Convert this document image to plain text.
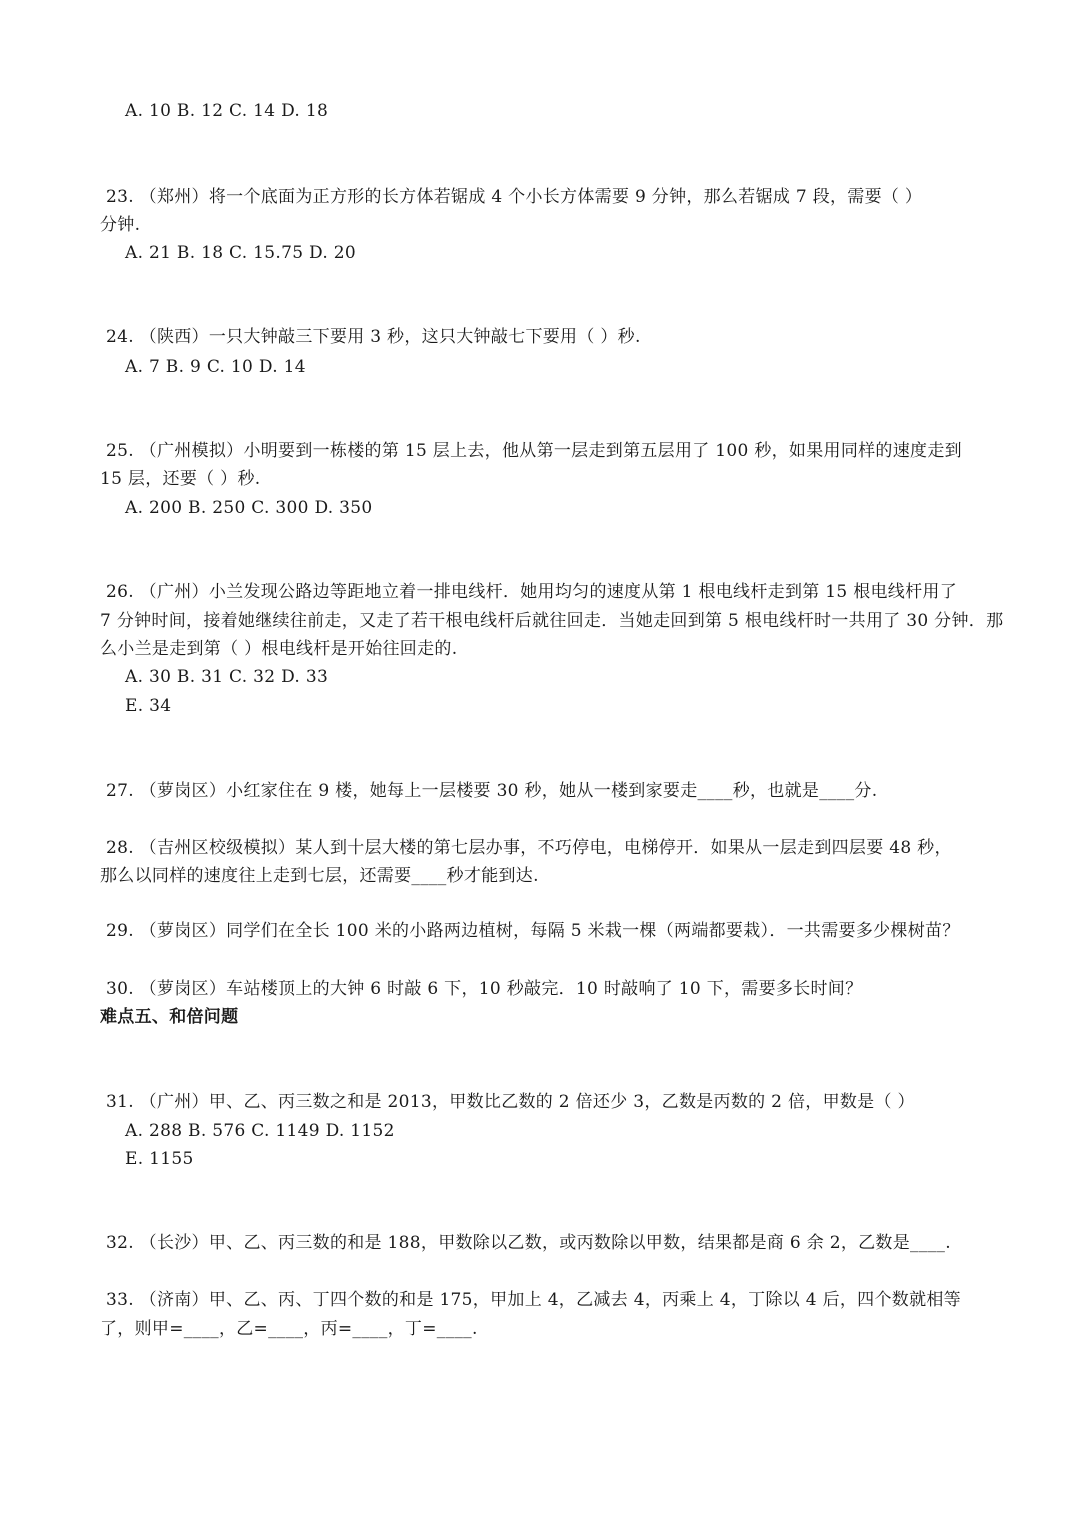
A. 10 B. 12 C. 14 D. 18
23. （郑州）将一个底面为正方形的长方体若锯成 4 个小长方体需要 9 分钟，那么若锯成 7 段，需要（ ）
分钟.
A. 21 B. 18 C. 15.75 D. 20
24. （陕西）一只大钟敲三下要用 3 秒，这只大钟敲七下要用（ ）秒.
A. 7 B. 9 C. 10 D. 14
25. （广州模拟）小明要到一栋楼的第 15 层上去，他从第一层走到第五层用了 100 秒，如果用同样的速度走到
15 层，还要（ ）秒.
A. 200 B. 250 C. 300 D. 350
26. （广州）小兰发现公路边等距地立着一排电线杆．她用均匀的速度从第 1 根电线杆走到第 15 根电线杆用了
7 分钟时间，接着她继续往前走，又走了若干根电线杆后就往回走．当她走回到第 5 根电线杆时一共用了 30 分钟．那
么小兰是走到第（ ）根电线杆是开始往回走的.
A. 30 B. 31 C. 32 D. 33
E. 34
27. （萝岗区）小红家住在 9 楼，她每上一层楼要 30 秒，她从一楼到家要走____秒，也就是____分.
28. （吉州区校级模拟）某人到十层大楼的第七层办事，不巧停电，电梯停开．如果从一层走到四层要 48 秒，
那么以同样的速度往上走到七层，还需要____秒才能到达.
29. （萝岗区）同学们在全长 100 米的小路两边植树，每隔 5 米栽一棵（两端都要栽）．一共需要多少棵树苗？
30. （萝岗区）车站楼顶上的大钟 6 时敲 6 下，10 秒敲完．10 时敲响了 10 下，需要多长时间？
难点五、和倍问题
31. （广州）甲、乙、丙三数之和是 2013，甲数比乙数的 2 倍还少 3，乙数是丙数的 2 倍，甲数是（ ）
A. 288 B. 576 C. 1149 D. 1152
E. 1155
32. （长沙）甲、乙、丙三数的和是 188，甲数除以乙数，或丙数除以甲数，结果都是商 6 余 2，乙数是____.
33. （济南）甲、乙、丙、丁四个数的和是 175，甲加上 4，乙减去 4，丙乘上 4，丁除以 4 后，四个数就相等
了，则甲=____，乙=____，丙=____，丁=____.
